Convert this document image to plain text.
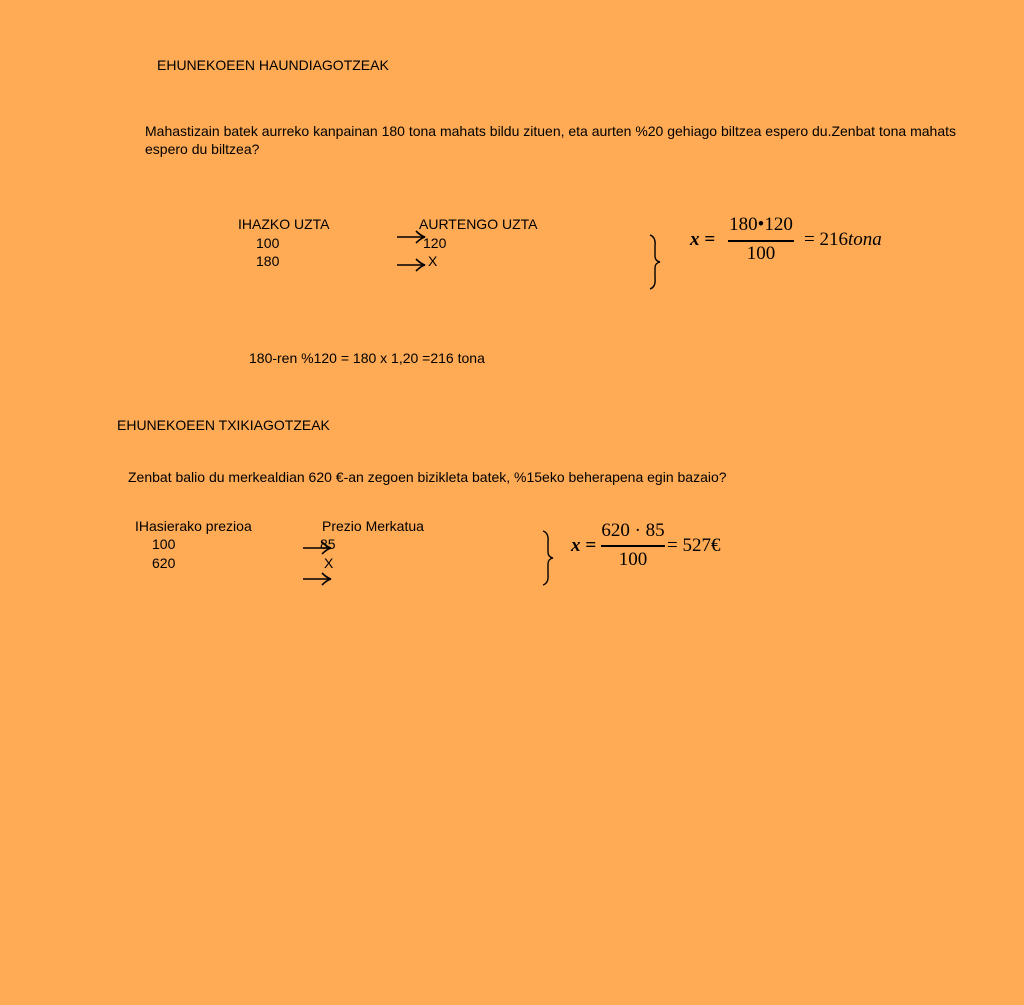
EHUNEKOEEN HAUNDIAGOTZEAK
Mahastizain batek aurreko kanpainan 180 tona mahats bildu zituen, eta aurten %20 gehiago biltzea espero du.Zenbat tona mahats espero du biltzea?
IHAZKO UZTA	AURTENGO UZTA
100	120
180	X
x =
180•120
100
= 216tona
180-ren %120 = 180 x 1,20 =216 tona
EHUNEKOEEN TXIKIAGOTZEAK
Zenbat balio du merkealdian 620 €-an zegoen bizikleta batek, %15eko beherapena egin bazaio?
IHasierako prezioa	Prezio Merkatua
100	85
620	X
x =
620 · 85
100
= 527€
